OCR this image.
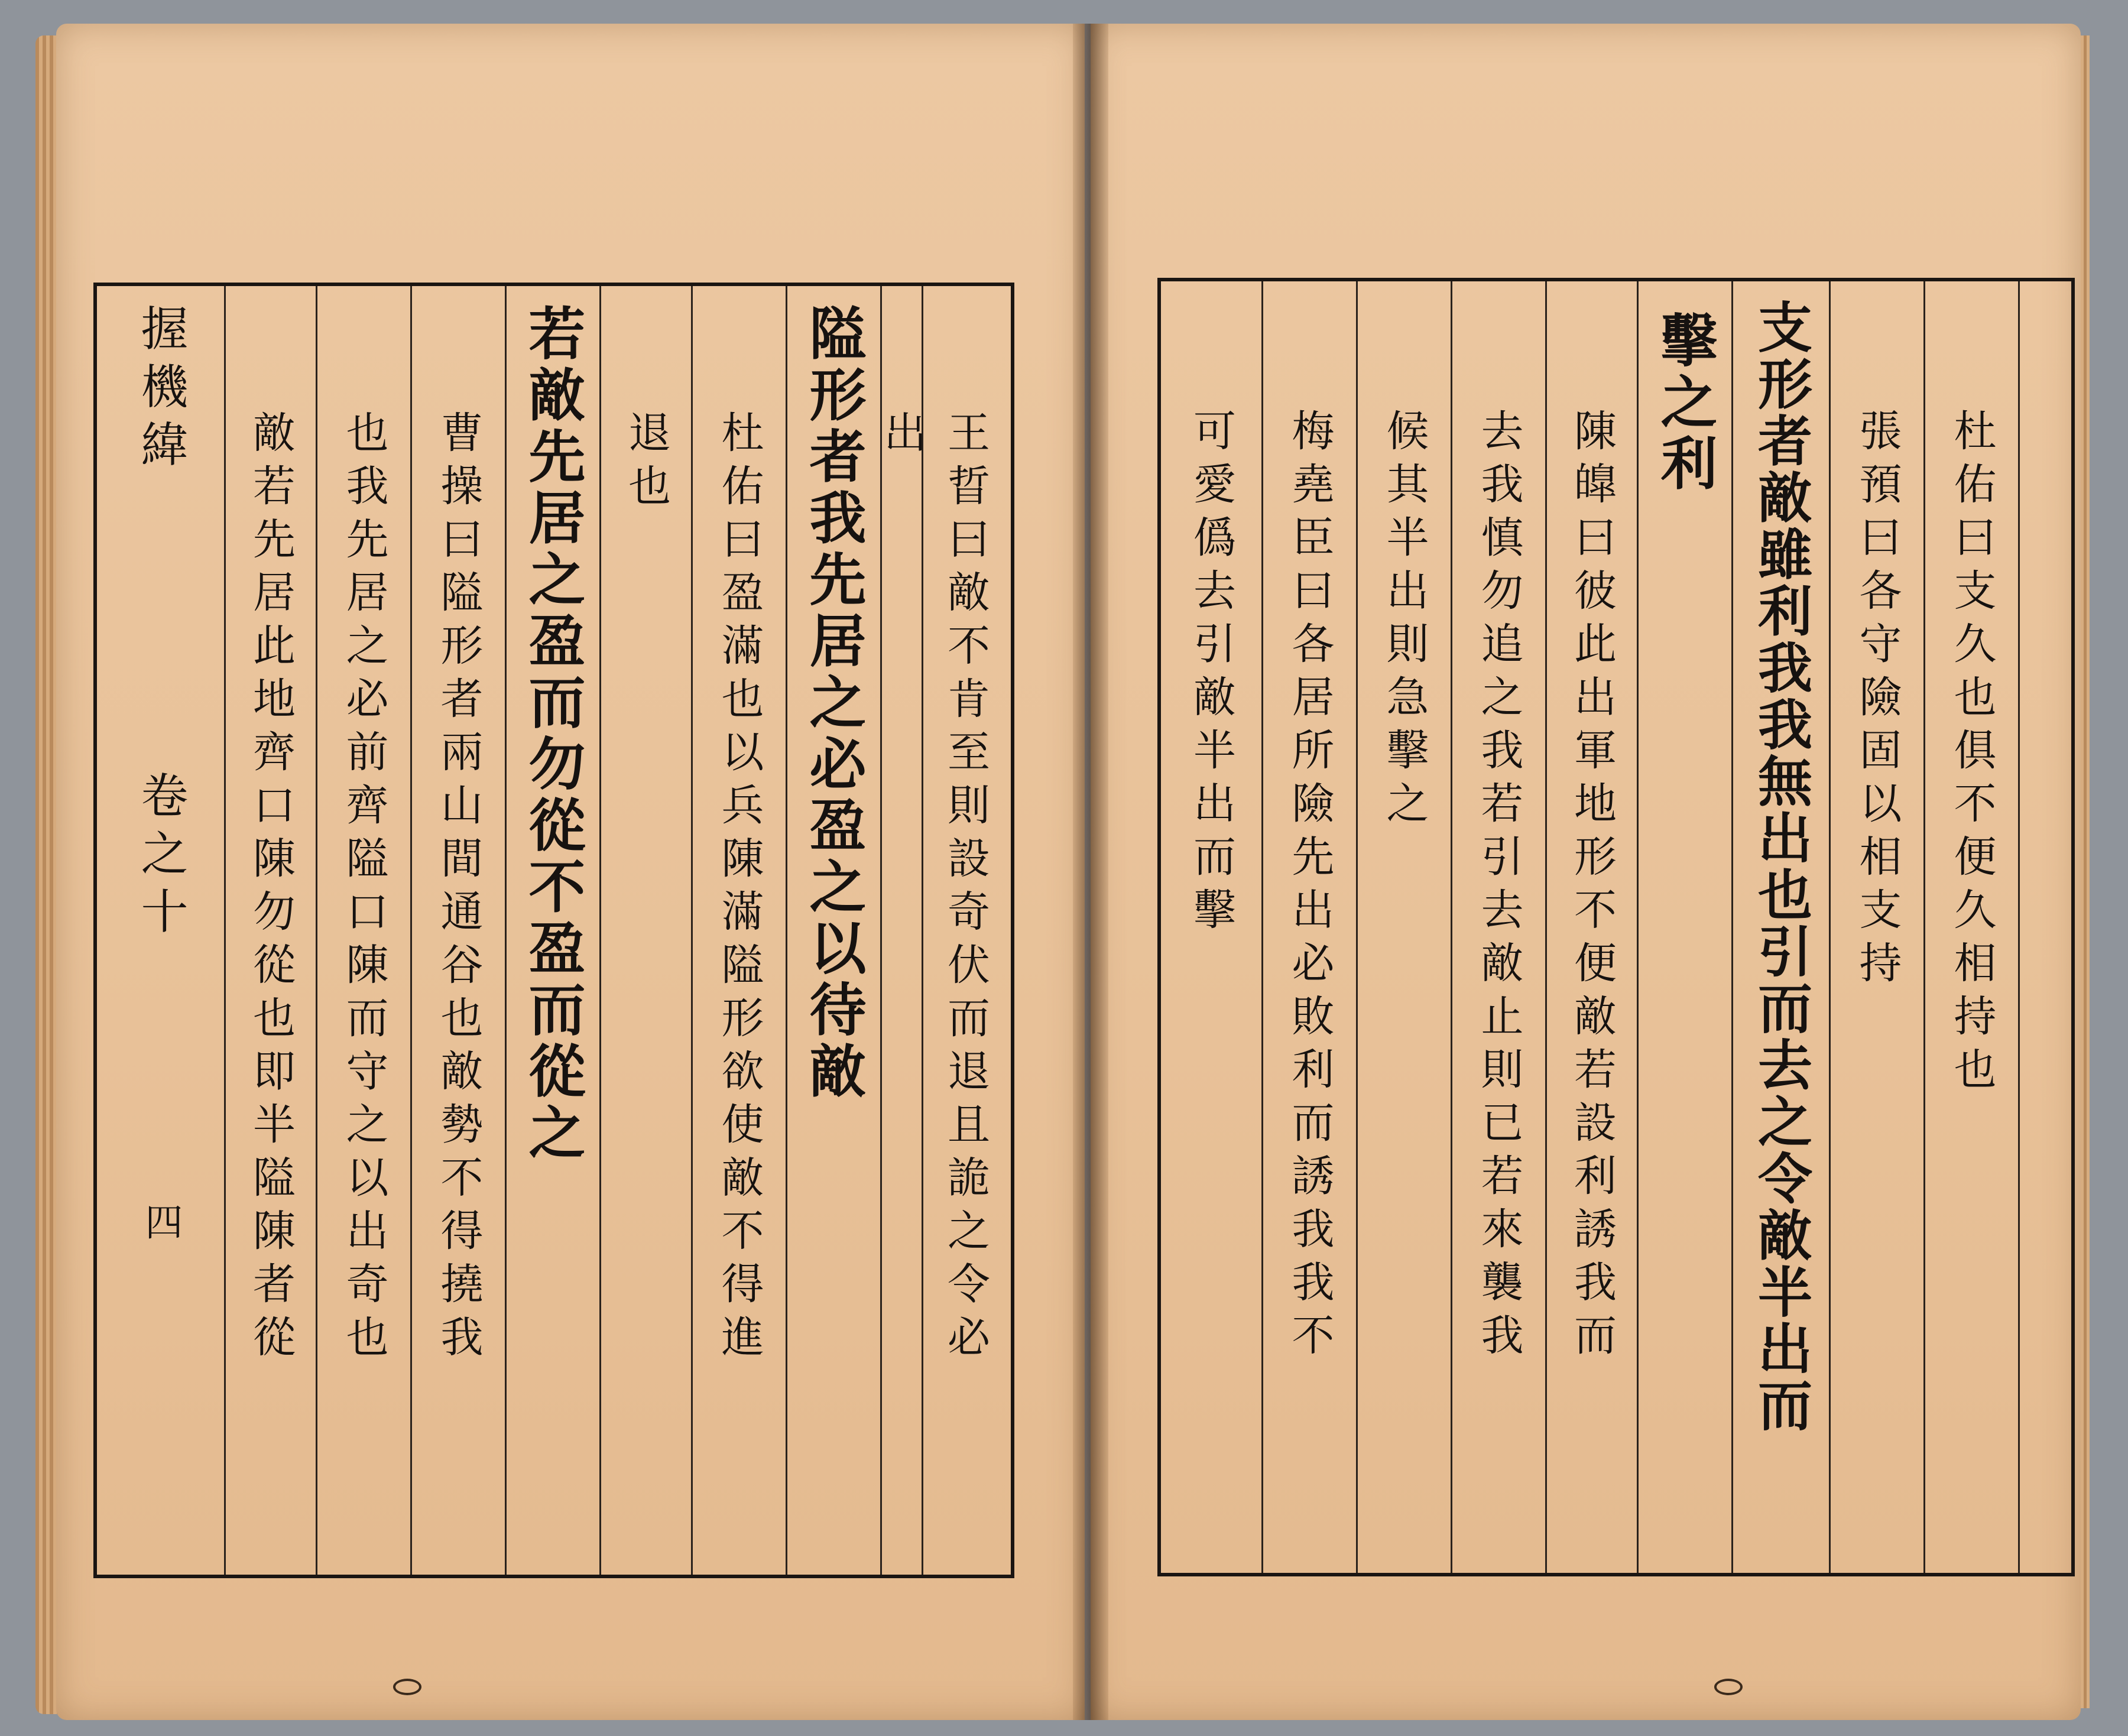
握機緯
卷之十
四 敵若先居此地齊口陳勿從也即半隘陳者從 也我先居之必前齊隘口陳而守之以出奇也 曹操曰隘形者兩山間通谷也敵勢不得撓我 若敵先居之盈而勿從不盈而從之 退也 杜佑曰盈滿也以兵陳滿隘形欲使敵不得進 隘形者我先居之必盈之以待敵 出 王晢曰敵不肯至則設奇伏而退且詭之令必	可愛僞去引敵半出而擊 梅堯臣曰各居所險先出必敗利而誘我我不 候其半出則急擊之 去我慎勿追之我若引去敵止則已若來襲我 陳皥曰彼此出軍地形不便敵若設利誘我而
擊之利 支形者敵雖利我我無出也引而去之令敵半出而 張預曰各守險固以相支持 杜佑曰支久也俱不便久相持也
